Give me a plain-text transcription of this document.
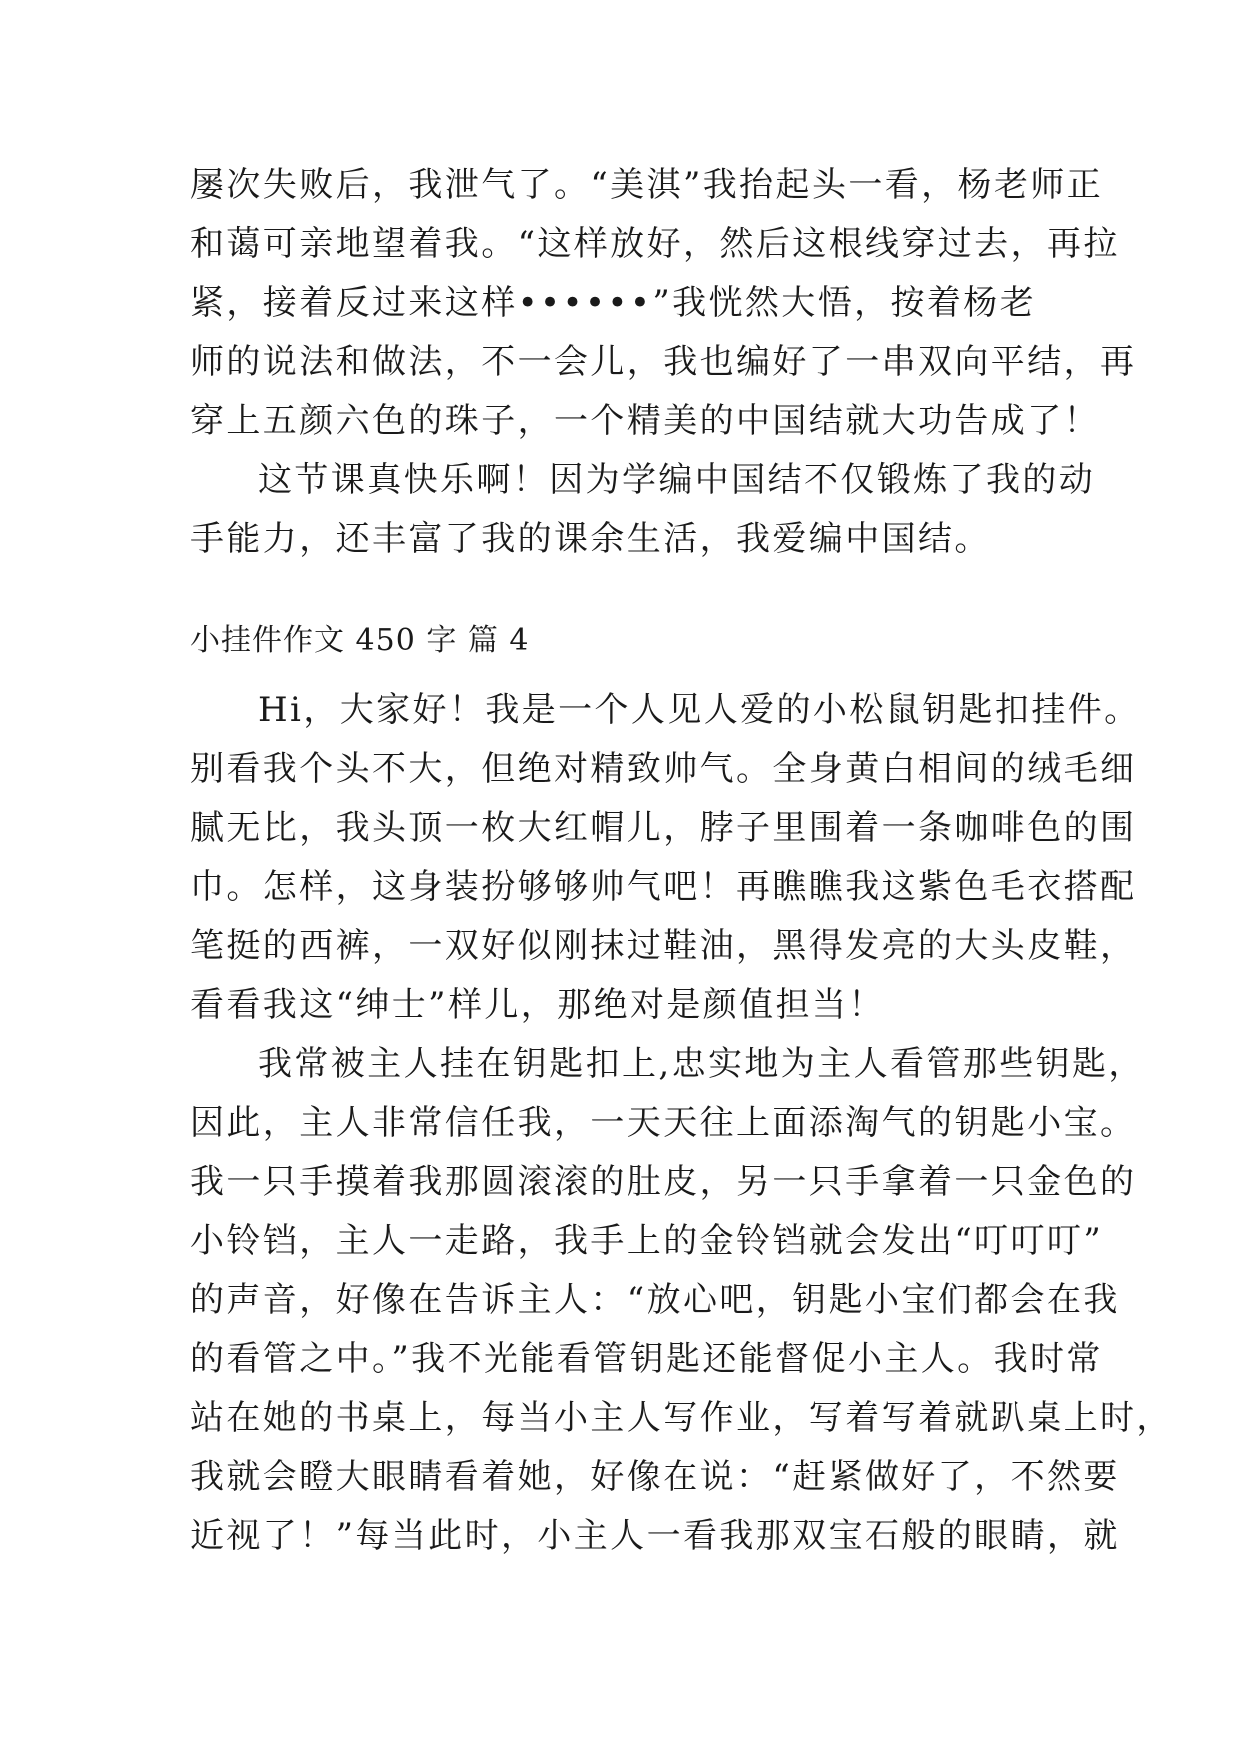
屡次失败后，我泄气了。“美淇”我抬起头一看，杨老师正
和蔼可亲地望着我。“这样放好，然后这根线穿过去，再拉
紧，接着反过来这样••••••”我恍然大悟，按着杨老
师的说法和做法，不一会儿，我也编好了一串双向平结，再
穿上五颜六色的珠子，一个精美的中国结就大功告成了！
这节课真快乐啊！因为学编中国结不仅锻炼了我的动
手能力，还丰富了我的课余生活，我爱编中国结。
小挂件作文 450 字 篇 4
Hi，大家好！我是一个人见人爱的小松鼠钥匙扣挂件。
别看我个头不大，但绝对精致帅气。全身黄白相间的绒毛细
腻无比，我头顶一枚大红帽儿，脖子里围着一条咖啡色的围
巾。怎样，这身装扮够够帅气吧！再瞧瞧我这紫色毛衣搭配
笔挺的西裤，一双好似刚抹过鞋油，黑得发亮的大头皮鞋，
看看我这“绅士”样儿，那绝对是颜值担当！
我常被主人挂在钥匙扣上,忠实地为主人看管那些钥匙，
因此，主人非常信任我，一天天往上面添淘气的钥匙小宝。
我一只手摸着我那圆滚滚的肚皮，另一只手拿着一只金色的
小铃铛，主人一走路，我手上的金铃铛就会发出“叮叮叮”
的声音，好像在告诉主人：“放心吧，钥匙小宝们都会在我
的看管之中。”我不光能看管钥匙还能督促小主人。我时常
站在她的书桌上，每当小主人写作业，写着写着就趴桌上时，
我就会瞪大眼睛看着她，好像在说：“赶紧做好了，不然要
近视了！”每当此时，小主人一看我那双宝石般的眼睛，就
